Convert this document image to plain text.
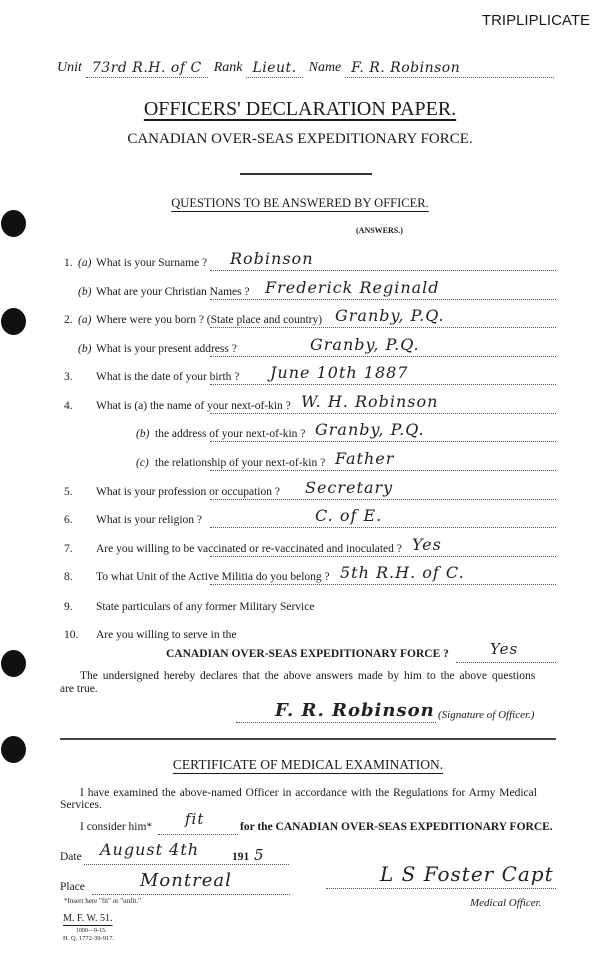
TRIPLIPLICATE
Unit 73rd R.H. of C Rank Lieut. Name F. R. Robinson
OFFICERS' DECLARATION PAPER.
CANADIAN OVER-SEAS EXPEDITIONARY FORCE.
QUESTIONS TO BE ANSWERED BY OFFICER.
(ANSWERS.)
1. (a) What is your Surname ? Robinson
(b) What are your Christian Names ? Frederick Reginald
2. (a) Where were you born ? (State place and country) Granby, P.Q.
(b) What is your present address ?	Granby, P.Q.
3. What is the date of your birth ? June 10th 1887
4. What is (a) the name of your next-of-kin ? W. H. Robinson
(b) the address of your next-of-kin ? Granby, P.Q.
(c) the relationship of your next-of-kin ? Father
5. What is your profession or occupation ? Secretary
6. What is your religion ?	C. of E.
7. Are you willing to be vaccinated or re-vaccinated and inoculated ? Yes
8. To what Unit of the Active Militia do you belong ? 5th R.H. of C.
9. State particulars of any former Military Service
10. Are you willing to serve in the
CANADIAN OVER-SEAS EXPEDITIONARY FORCE ?	Yes
The undersigned hereby declares that the above answers made by him to the above questions
are true.
F. R. Robinson (Signature of Officer.)
CERTIFICATE OF MEDICAL EXAMINATION.
I have examined the above-named Officer in accordance with the Regulations for Army Medical
Services.
I consider him* fit	for the CANADIAN OVER-SEAS EXPEDITIONARY FORCE.
Date August 4th	191 5
Place	Montreal
*Insert here "fit" or "unfit."
L S Foster Capt
Medical Officer.
M. F. W. 51.
1000—9-15.
H. Q. 1772-39-917.
